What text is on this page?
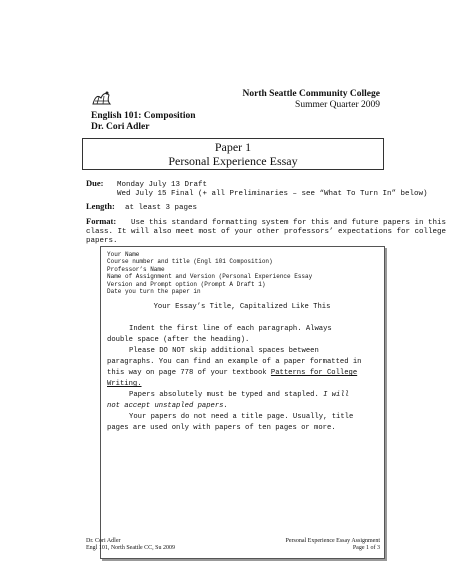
North Seattle Community College
Summer Quarter 2009
English 101: Composition
Dr. Cori Adler
Paper 1
Personal Experience Essay
Due: Monday July 13 Draft
Wed July 15 Final (+ all Preliminaries – see “What To Turn In” below)
Length: at least 3 pages
Format: Use this standard formatting system for this and future papers in this
class. It will also meet most of your other professors’ expectations for college
papers.
Your Name
Course number and title (Engl 101 Composition)
Professor’s Name
Name of Assignment and Version (Personal Experience Essay
Version and Prompt option (Prompt A Draft 1)
Date you turn the paper in
Your Essay’s Title, Capitalized Like This
Indent the first line of each paragraph. Always
double space (after the heading).
Please DO NOT skip additional spaces between
paragraphs. You can find an example of a paper formatted in
this way on page 778 of your textbook Patterns for College
Writing.
Papers absolutely must be typed and stapled. I will
not accept unstapled papers.
Your papers do not need a title page. Usually, title
pages are used only with papers of ten pages or more.
Dr. Cori Adler
Engl 101, North Seattle CC, Su 2009
Personal Experience Essay Assignment
Page 1 of 3
